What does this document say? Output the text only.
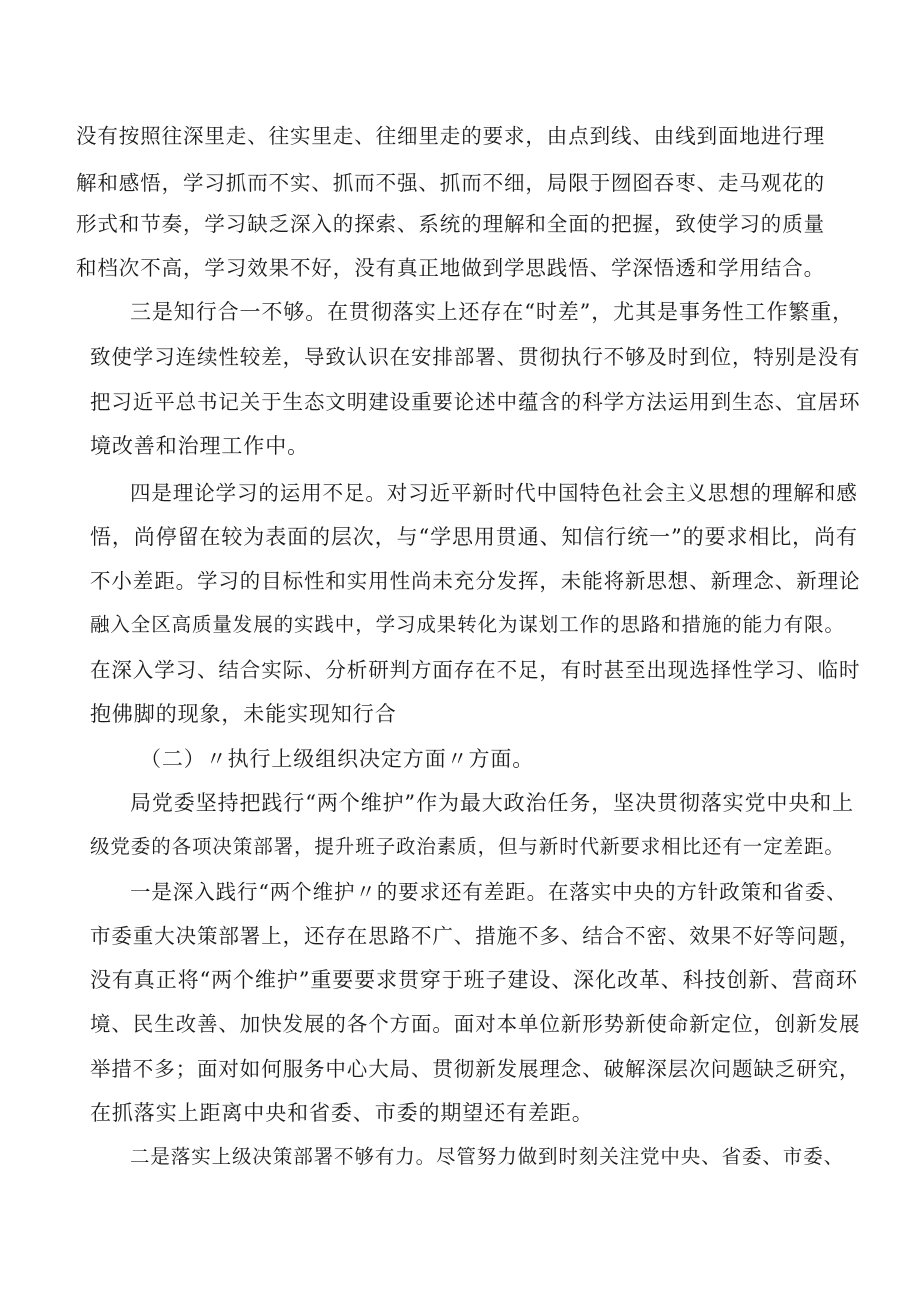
没有按照往深里走、往实里走、往细里走的要求，由点到线、由线到面地进行理
解和感悟，学习抓而不实、抓而不强、抓而不细，局限于囫囵吞枣、走马观花的
形式和节奏，学习缺乏深入的探索、系统的理解和全面的把握，致使学习的质量
和档次不高，学习效果不好，没有真正地做到学思践悟、学深悟透和学用结合。
三是知行合一不够。在贯彻落实上还存在“时差”，尤其是事务性工作繁重，
致使学习连续性较差，导致认识在安排部署、贯彻执行不够及时到位，特别是没有
把习近平总书记关于生态文明建设重要论述中蕴含的科学方法运用到生态、宜居环
境改善和治理工作中。
四是理论学习的运用不足。对习近平新时代中国特色社会主义思想的理解和感
悟，尚停留在较为表面的层次，与“学思用贯通、知信行统一”的要求相比，尚有
不小差距。学习的目标性和实用性尚未充分发挥，未能将新思想、新理念、新理论
融入全区高质量发展的实践中，学习成果转化为谋划工作的思路和措施的能力有限。
在深入学习、结合实际、分析研判方面存在不足，有时甚至出现选择性学习、临时
抱佛脚的现象，未能实现知行合
（二）〃执行上级组织决定方面〃方面。
局党委坚持把践行“两个维护”作为最大政治任务，坚决贯彻落实党中央和上
级党委的各项决策部署，提升班子政治素质，但与新时代新要求相比还有一定差距。
一是深入践行“两个维护〃的要求还有差距。在落实中央的方针政策和省委、
市委重大决策部署上，还存在思路不广、措施不多、结合不密、效果不好等问题，
没有真正将“两个维护”重要要求贯穿于班子建设、深化改革、科技创新、营商环
境、民生改善、加快发展的各个方面。面对本单位新形势新使命新定位，创新发展
举措不多；面对如何服务中心大局、贯彻新发展理念、破解深层次问题缺乏研究，
在抓落实上距离中央和省委、市委的期望还有差距。
二是落实上级决策部署不够有力。尽管努力做到时刻关注党中央、省委、市委、
